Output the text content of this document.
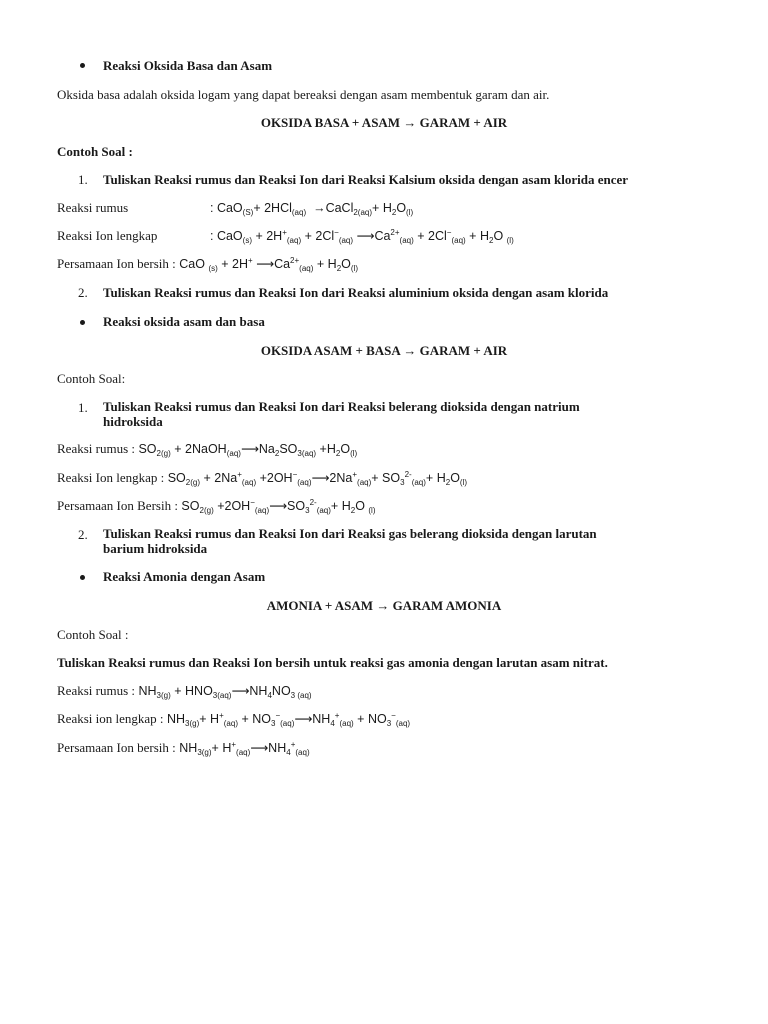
Reaksi Oksida Basa dan Asam
Oksida basa adalah oksida logam yang dapat bereaksi dengan asam membentuk garam dan air.
OKSIDA BASA + ASAM → GARAM + AIR
Contoh Soal :
1. Tuliskan Reaksi rumus dan Reaksi Ion dari Reaksi Kalsium oksida dengan asam klorida encer
Reaksi rumus	: CaO$_{(S)}$+ 2HCl$_{(aq)}$  →CaCl$_{2(aq)}$+ $H_2O_{(l)}$
Reaksi Ion lengkap	: $CaO_{(s)} + 2H^+_{(aq)} + 2Cl^-_{(aq)}$ $⟶Ca^{2+}_{(aq)} + 2Cl^-_{(aq)} + H_2O$ $_{(l)}$
Persamaan Ion bersih : CaO $_{(s)}$ + 2H+ $⟶Ca^{2+}_{(aq)} + H_2O_{(l)}$
2. Tuliskan Reaksi rumus dan Reaksi Ion dari Reaksi aluminium oksida dengan asam klorida
Reaksi oksida asam dan basa
OKSIDA ASAM + BASA → GARAM + AIR
Contoh Soal:
1. Tuliskan Reaksi rumus dan Reaksi Ion dari Reaksi belerang dioksida dengan natrium
hidroksida
Reaksi rumus : $SO_{2(g)}$ + $2NaOH_{(aq)}⟶Na_2SO_{3(aq)} +H_2O_{(l)}$
Reaksi Ion lengkap : $SO_{2(g)} + 2Na^+_{(aq)}$ $+2OH^-_{(aq)}⟶2Na^+_{(aq)}+ SO_3^{2-}_{(aq)}+ H_2O_{(l)}$
Persamaan Ion Bersih : $SO_{2(g)}$ $+2OH^-_{(aq)}⟶SO_3^{2-}_{(aq)}+ H_2O$ $_{(l)}$
2. Tuliskan Reaksi rumus dan Reaksi Ion dari Reaksi gas belerang dioksida dengan larutan
barium hidroksida
Reaksi Amonia dengan Asam
AMONIA + ASAM → GARAM AMONIA
Contoh Soal :
Tuliskan Reaksi rumus dan Reaksi Ion bersih untuk reaksi gas amonia dengan larutan asam nitrat.
Reaksi rumus : $NH_{3(g)}$ + $HNO_{3(aq)}⟶NH_4NO_{3 (aq)}$
Reaksi ion lengkap : $NH_{3(g)}+ H^+_{(aq)}$ + $NO_3^-_{(aq)}⟶NH_4^+_{(aq)} + NO_3^-_{(aq)}$
Persamaan Ion bersih : $NH_{3(g)}+$ $H^+_{(aq)}⟶NH_4^+_{(aq)}$
